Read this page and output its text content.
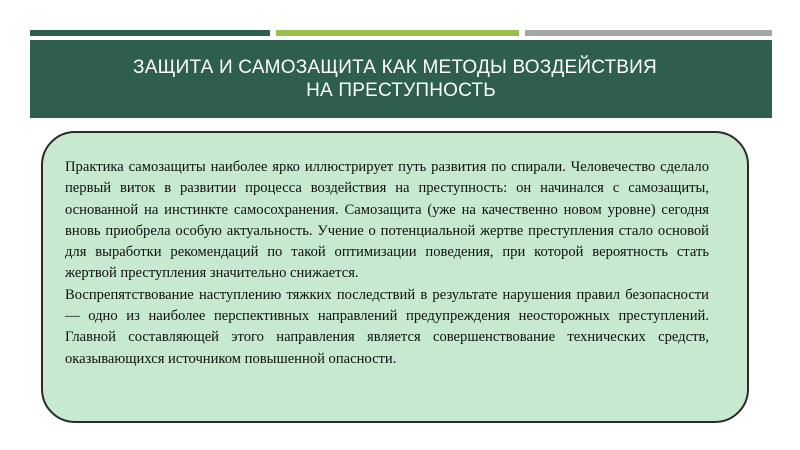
ЗАЩИТА И САМОЗАЩИТА КАК МЕТОДЫ ВОЗДЕЙСТВИЯ
НА ПРЕСТУПНОСТЬ

Практика самозащиты наиболее ярко иллюстрирует путь развития по спирали. Человечество сделало первый виток в развитии процесса воздействия на преступность: он начинался с самозащиты, основанной на инстинкте самосохранения. Самозащита (уже на качественно новом уровне) сегодня вновь приобрела особую актуальность. Учение о потенциальной жертве преступления стало основой для выработки рекомендаций по такой оптимизации поведения, при которой вероятность стать жертвой преступления значительно снижается.

Воспрепятствование наступлению тяжких последствий в результате нарушения правил безопасности — одно из наиболее перспективных направлений предупреждения неосторожных преступлений. Главной составляющей этого направления является совершенствование технических средств, оказывающихся источником повышенной опасности.
